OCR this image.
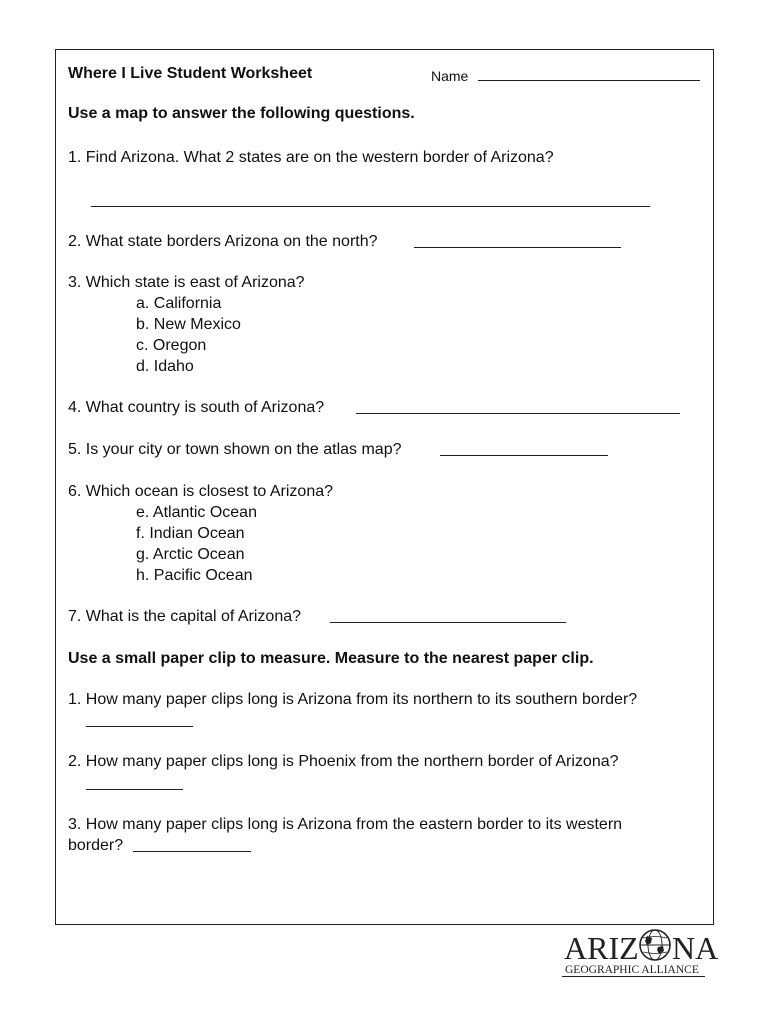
Where I Live Student Worksheet	Name
Use a map to answer the following questions.
1. Find Arizona. What 2 states are on the western border of Arizona?
2. What state borders Arizona on the north?
3. Which state is east of Arizona?
a. California
b. New Mexico
c. Oregon
d. Idaho
4. What country is south of Arizona?
5. Is your city or town shown on the atlas map?
6. Which ocean is closest to Arizona?
e. Atlantic Ocean
f. Indian Ocean
g. Arctic Ocean
h. Pacific Ocean
7. What is the capital of Arizona?
Use a small paper clip to measure. Measure to the nearest paper clip.
1. How many paper clips long is Arizona from its northern to its southern border?
2. How many paper clips long is Phoenix from the northern border of Arizona?
3. How many paper clips long is Arizona from the eastern border to its western
border?
ARIZ NA
GEOGRAPHIC ALLIANCE
